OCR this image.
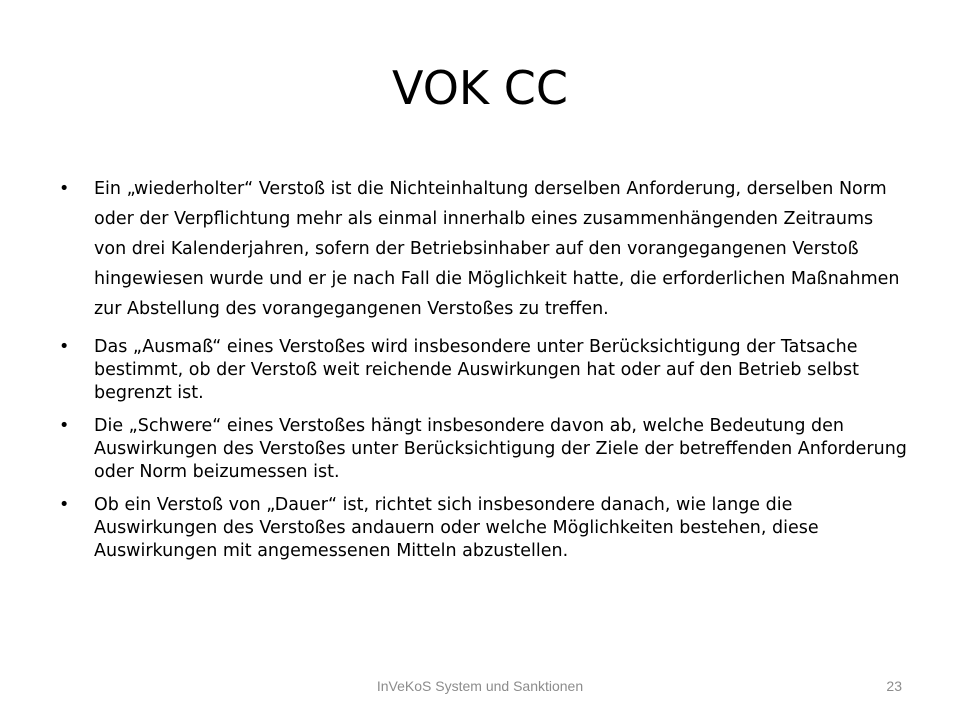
VOK CC
• Ein „wiederholter“ Verstoß ist die Nichteinhaltung derselben Anforderung, derselben Norm oder der Verpflichtung mehr als einmal innerhalb eines zusammenhängenden Zeitraums von drei Kalenderjahren, sofern der Betriebsinhaber auf den vorangegangenen Verstoß hingewiesen wurde und er je nach Fall die Möglichkeit hatte, die erforderlichen Maßnahmen zur Abstellung des vorangegangenen Verstoßes zu treffen.
• Das „Ausmaß“ eines Verstoßes wird insbesondere unter Berücksichtigung der Tatsache bestimmt, ob der Verstoß weit reichende Auswirkungen hat oder auf den Betrieb selbst begrenzt ist.
• Die „Schwere“ eines Verstoßes hängt insbesondere davon ab, welche Bedeutung den Auswirkungen des Verstoßes unter Berücksichtigung der Ziele der betreffenden Anforderung oder Norm beizumessen ist.
• Ob ein Verstoß von „Dauer“ ist, richtet sich insbesondere danach, wie lange die Auswirkungen des Verstoßes andauern oder welche Möglichkeiten bestehen, diese Auswirkungen mit angemessenen Mitteln abzustellen.
InVeKoS System und Sanktionen	23
